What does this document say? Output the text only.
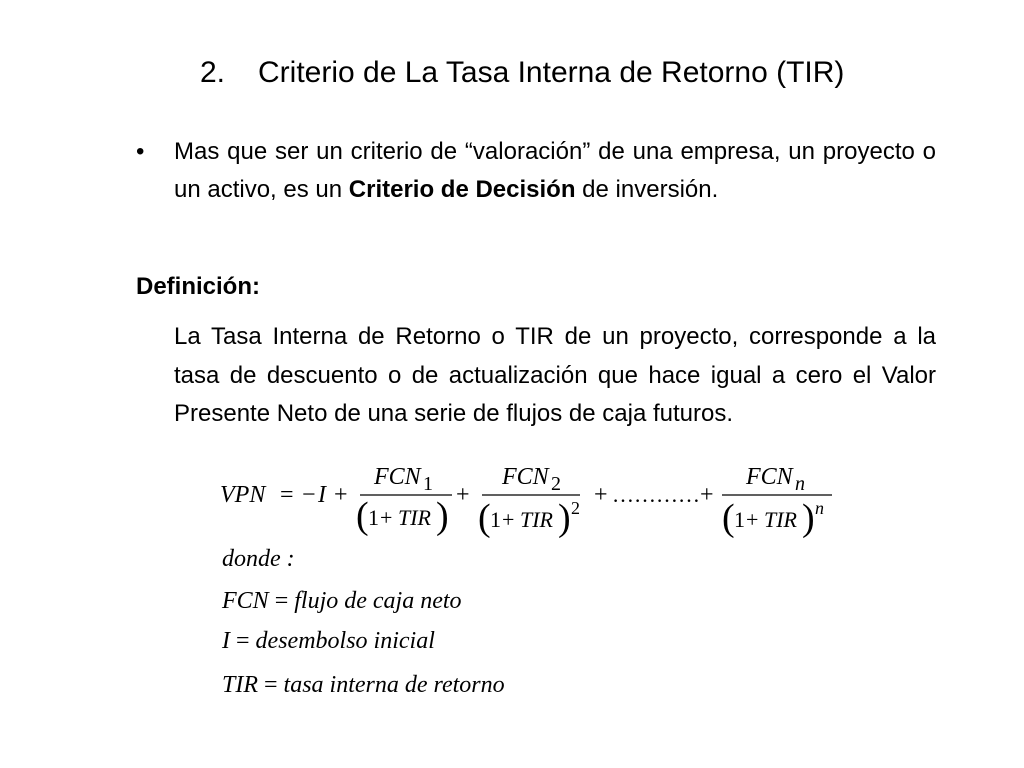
2. Criterio de La Tasa Interna de Retorno (TIR)
• Mas que ser un criterio de “valoración” de una empresa, un proyecto o un activo, es un Criterio de Decisión de inversión.
Definición:
La Tasa Interna de Retorno o TIR de un proyecto, corresponde a la tasa de descuento o de actualización que hace igual a cero el Valor Presente Neto de una serie de flujos de caja futuros.
VPN = − I +
FCN 1
( 1 + TIR ) +
FCN 2
( 1 + TIR ) 2 + ………… +
FCN n
( 1 + TIR ) n
donde :
FCN = flujo de caja neto
I = desembolso inicial
TIR = tasa interna de retorno
